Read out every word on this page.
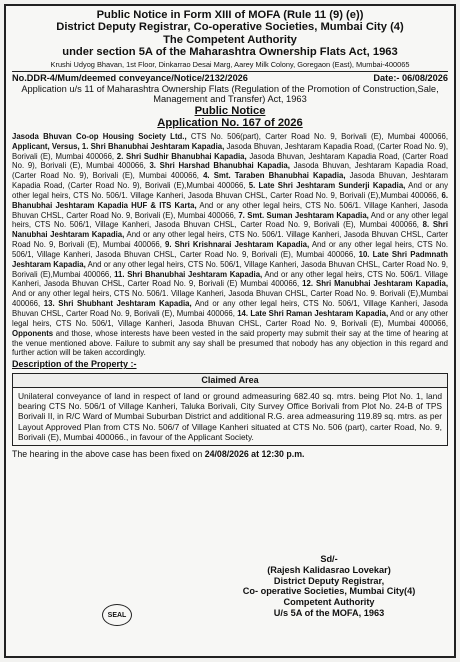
Public Notice in Form XIII of MOFA (Rule 11 (9) (e))
District Deputy Registrar, Co-operative Societies, Mumbai City (4)
The Competent Authority
under section 5A of the Maharashtra Ownership Flats Act, 1963
Krushi Udyog Bhavan, 1st Floor, Dinkarrao Desai Marg, Aarey Milk Colony, Goregaon (East), Mumbai-400065
No.DDR-4/Mum/deemed conveyance/Notice/2132/2026	Date:- 06/08/2026
Application u/s 11 of Maharashtra Ownership Flats (Regulation of the Promotion of Construction,Sale, Management and Transfer) Act, 1963
Public Notice
Application No. 167 of 2026
Jasoda Bhuvan Co-op Housing Society Ltd., CTS No. 506(part), Carter Road No. 9, Borivali (E), Mumbai 400066, Applicant, Versus, 1. Shri Bhanubhai Jeshtaram Kapadia, Jasoda Bhuvan, Jeshtaram Kapadia Road, (Carter Road No. 9), Borivali (E), Mumbai 400066, 2. Shri Sudhir Bhanubhai Kapadia, Jasoda Bhuvan, Jeshtaram Kapadia Road, (Carter Road No. 9), Borivali (E), Mumbai 400066, 3. Shri Harshad Bhanubhai Kapadia, Jasoda Bhuvan, Jeshtaram Kapadia Road, (Carter Road No. 9), Borivali (E), Mumbai 400066, 4. Smt. Taraben Bhanubhai Kapadia, Jasoda Bhuvan, Jeshtaram Kapadia Road, (Carter Road No. 9), Borivali (E),Mumbai 400066, 5. Late Shri Jeshtaram Sunderji Kapadia, And or any other legal heirs, CTS No. 506/1. Village Kanheri, Jasoda Bhuvan CHSL, Carter Road No. 9, Borivali (E),Mumbai 400066, 6. Bhanubhai Jeshtaram Kapadia HUF & ITS Karta, And or any other legal heirs, CTS No. 506/1. Village Kanheri, Jasoda Bhuvan CHSL, Carter Road No. 9, Borivali (E), Mumbai 400066, 7. Smt. Suman Jeshtaram Kapadia, And or any other legal heirs, CTS No. 506/1, Village Kanheri, Jasoda Bhuvan CHSL, Carter Road No. 9, Borivali (E), Mumbai 400066, 8. Shri Nanubhai Jeshtaram Kapadia, And or any other legal heirs, CTS No. 506/1. Village Kanheri, Jasoda Bhuvan CHSL, Carter Road No. 9, Borivali (E), Mumbai 400066, 9. Shri Krishnarai Jeshtaram Kapadia, And or any other legal heirs, CTS No. 506/1, Village Kanheri, Jasoda Bhuvan CHSL, Carter Road No. 9, Borivali (E), Mumbai 400066, 10. Late Shri Padmnath Jeshtaram Kapadia, And or any other legal heirs, CTS No. 506/1, Village Kanheri, Jasoda Bhuvan CHSL, Carter Road No. 9, Borivali (E),Mumbai 400066, 11. Shri Bhanubhai Jeshtaram Kapadia, And or any other legal heirs, CTS No. 506/1. Village Kanheri, Jasoda Bhuvan CHSL, Carter Road No. 9, Borivali (E) Mumbai 400066, 12. Shri Manubhai Jeshtaram Kapadia, And or any other legal heirs, CTS No. 506/1. Village Kanheri, Jasoda Bhuvan CHSL, Carter Road No. 9. Borivali (E),Mumbai 400066, 13. Shri Shubhant Jeshtaram Kapadia, And or any other legal heirs, CTS No. 506/1, Village Kanheri, Jasoda Bhuvan CHSL, Carter Road No. 9, Borivali (E), Mumbai 400066, 14. Late Shri Raman Jeshtaram Kapadia, And or any other legal heirs, CTS No. 506/1, Village Kanheri, Jasoda Bhuvan CHSL, Carter Road No. 9, Borivali (E), Mumbai 400066, Opponents and those, whose interests have been vested in the said property may submit their say at the time of hearing at the venue mentioned above. Failure to submit any say shall be presumed that nobody has any objection in this regard and further action will be taken accordingly.
Description of the Property :-
Claimed Area
Unilateral conveyance of land in respect of land or ground admeasuring 682.40 sq. mtrs. being Plot No. 1, land bearing CTS No. 506/1 of Village Kanheri, Taluka Borivali, City Survey Office Borivali from Plot No. 24-B of TPS Borivali II, in R/C Ward of Mumbai Suburban District and additional R.G. area admeasuring 119.89 sq. mtrs. as per Layout Approved Plan from CTS No. 506/7 of Village Kanheri situated at CTS No. 506 (part), carter Road, No. 9, Borivali (E), Mumbai 400066., in favour of the Applicant Society.
The hearing in the above case has been fixed on 24/08/2026 at 12:30 p.m.
Sd/-
(Rajesh Kalidasrao Lovekar)
District Deputy Registrar,
Co- operative Societies, Mumbai City(4)
Competent Authority
U/s 5A of the MOFA, 1963
SEAL
